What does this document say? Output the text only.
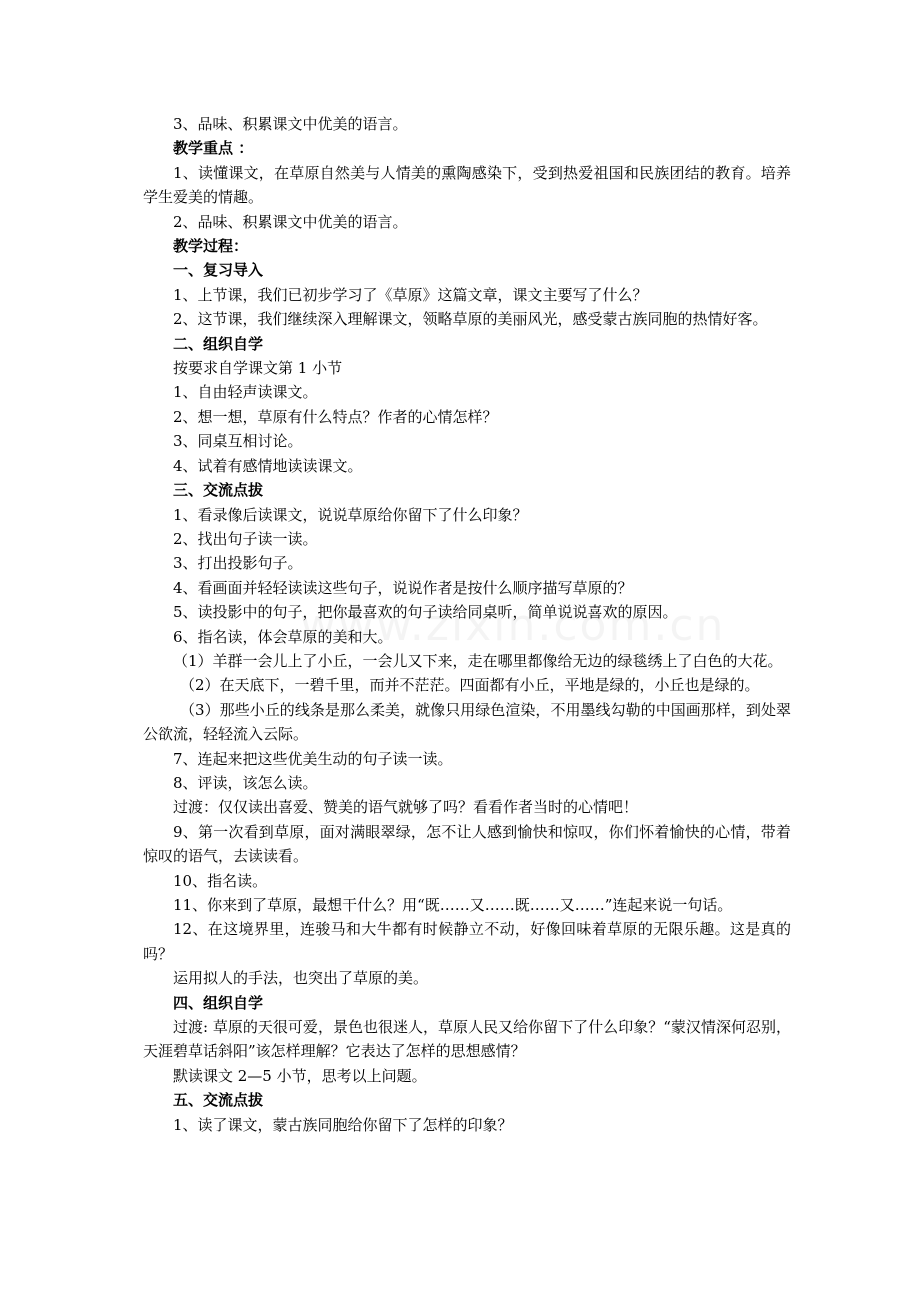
3、品味、积累课文中优美的语言。

教学重点 ：

1、读懂课文，在草原自然美与人情美的熏陶感染下，受到热爱祖国和民族团结的教育。培养学生爱美的情趣。

2、品味、积累课文中优美的语言。

教学过程：

一、复习导入

1、上节课，我们已初步学习了《草原》这篇文章，课文主要写了什么？

2、这节课，我们继续深入理解课文，领略草原的美丽风光，感受蒙古族同胞的热情好客。

二、组织自学

按要求自学课文第 1 小节

1、自由轻声读课文。

2、想一想，草原有什么特点？作者的心情怎样？

3、同桌互相讨论。

4、试着有感情地读读课文。

三、交流点拔

1、看录像后读课文，说说草原给你留下了什么印象？

2、找出句子读一读。

3、打出投影句子。

4、看画面并轻轻读读这些句子，说说作者是按什么顺序描写草原的？

5、读投影中的句子，把你最喜欢的句子读给同桌听，简单说说喜欢的原因。

6、指名读，体会草原的美和大。

（1）羊群一会儿上了小丘，一会儿又下来，走在哪里都像给无边的绿毯绣上了白色的大花。

（2）在天底下，一碧千里，而并不茫茫。四面都有小丘，平地是绿的，小丘也是绿的。

（3）那些小丘的线条是那么柔美，就像只用绿色渲染，不用墨线勾勒的中国画那样，到处翠公欲流，轻轻流入云际。

7、连起来把这些优美生动的句子读一读。

8、评读，该怎么读。

过渡：仅仅读出喜爱、赞美的语气就够了吗？看看作者当时的心情吧！

9、第一次看到草原，面对满眼翠绿，怎不让人感到愉快和惊叹，你们怀着愉快的心情，带着惊叹的语气，去读读看。

10、指名读。

11、你来到了草原，最想干什么？用“既……又……既……又……”连起来说一句话。

12、在这境界里，连骏马和大牛都有时候静立不动，好像回味着草原的无限乐趣。这是真的吗？

运用拟人的手法，也突出了草原的美。

四、组织自学

过渡: 草原的天很可爱，景色也很迷人，草原人民又给你留下了什么印象？“蒙汉情深何忍别，天涯碧草话斜阳”该怎样理解？它表达了怎样的思想感情？

默读课文 2—5 小节，思考以上问题。

五、交流点拔

1、读了课文，蒙古族同胞给你留下了怎样的印象？
